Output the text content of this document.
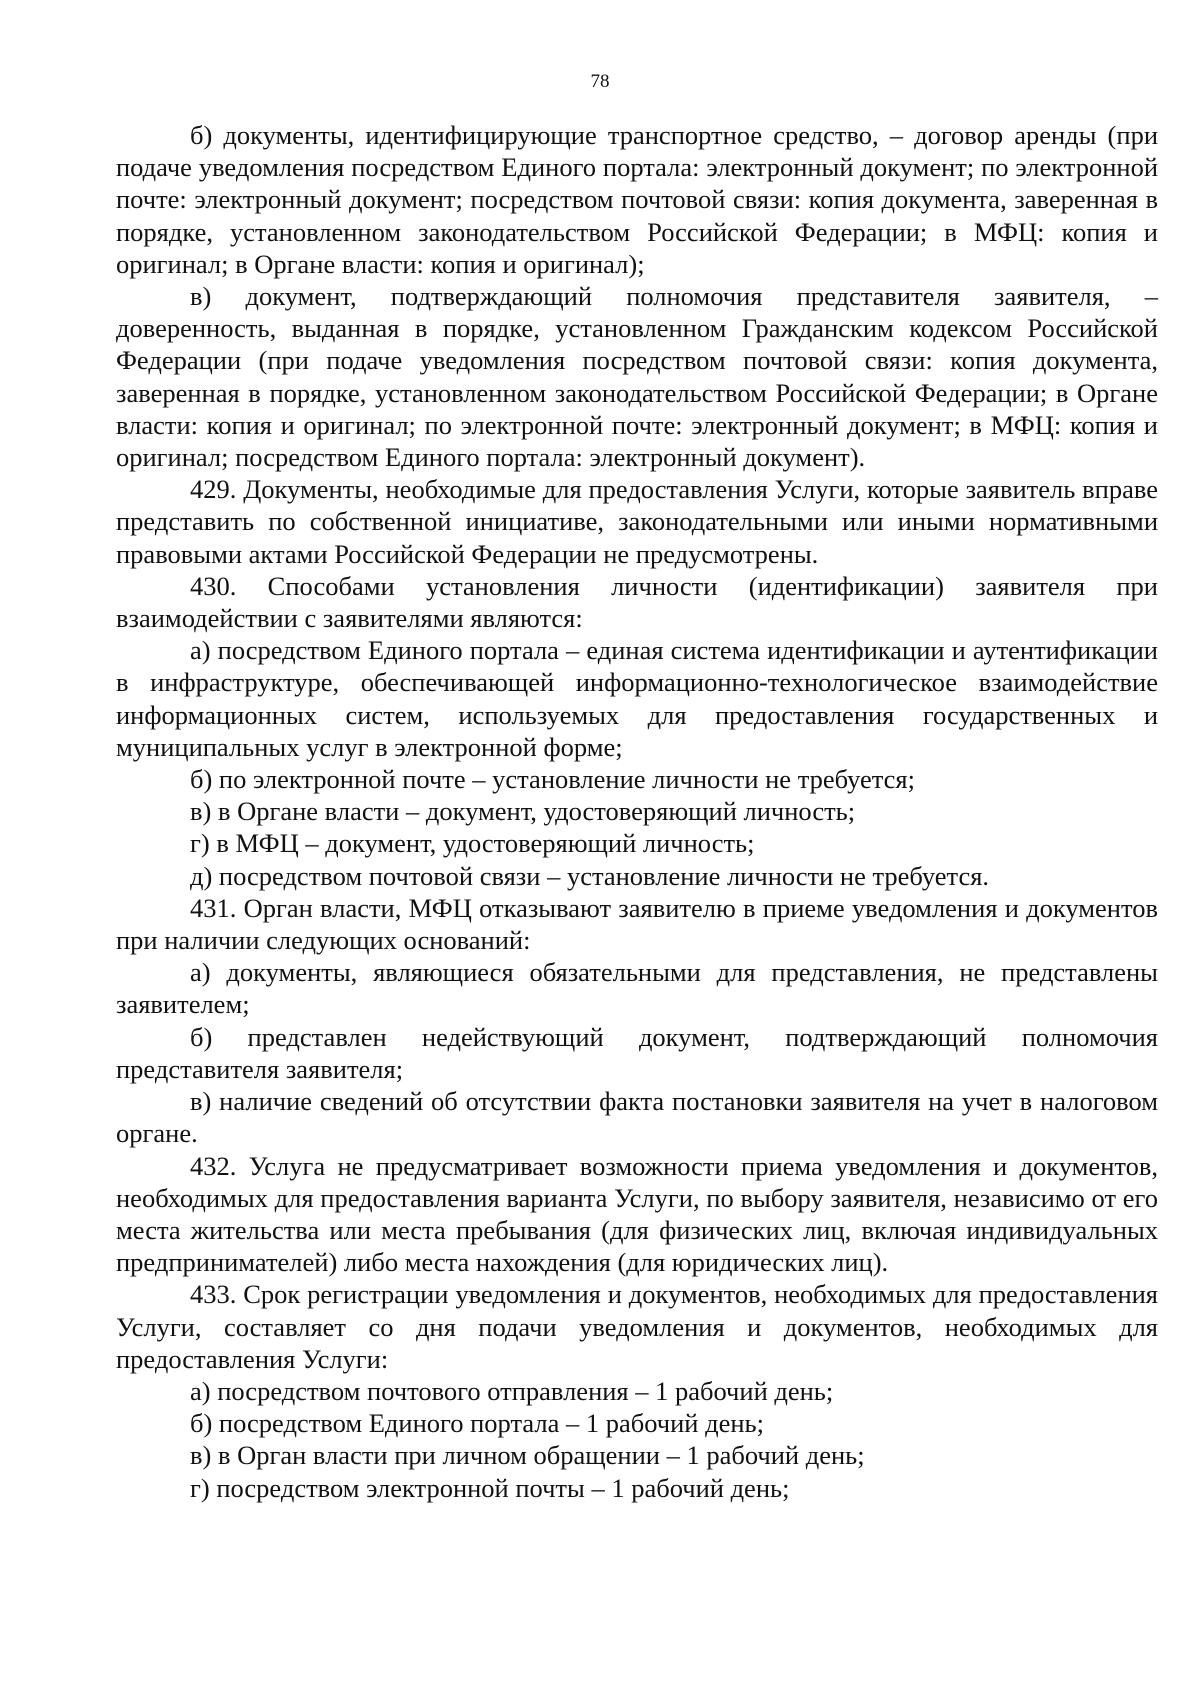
78

б) документы, идентифицирующие транспортное средство, – договор аренды (при подаче уведомления посредством Единого портала: электронный документ; по электронной почте: электронный документ; посредством почтовой связи: копия документа, заверенная в порядке, установленном законодательством Российской Федерации; в МФЦ: копия и оригинал; в Органе власти: копия и оригинал);

в) документ, подтверждающий полномочия представителя заявителя, – доверенность, выданная в порядке, установленном Гражданским кодексом Российской Федерации (при подаче уведомления посредством почтовой связи: копия документа, заверенная в порядке, установленном законодательством Российской Федерации; в Органе власти: копия и оригинал; по электронной почте: электронный документ; в МФЦ: копия и оригинал; посредством Единого портала: электронный документ).

429. Документы, необходимые для предоставления Услуги, которые заявитель вправе представить по собственной инициативе, законодательными или иными нормативными правовыми актами Российской Федерации не предусмотрены.

430. Способами установления личности (идентификации) заявителя при взаимодействии с заявителями являются:

а) посредством Единого портала – единая система идентификации и аутентификации в инфраструктуре, обеспечивающей информационно-технологическое взаимодействие информационных систем, используемых для предоставления государственных и муниципальных услуг в электронной форме;

б) по электронной почте – установление личности не требуется;

в) в Органе власти – документ, удостоверяющий личность;

г) в МФЦ – документ, удостоверяющий личность;

д) посредством почтовой связи – установление личности не требуется.

431. Орган власти, МФЦ отказывают заявителю в приеме уведомления и документов при наличии следующих оснований:

а) документы, являющиеся обязательными для представления, не представлены заявителем;

б) представлен недействующий документ, подтверждающий полномочия представителя заявителя;

в) наличие сведений об отсутствии факта постановки заявителя на учет в налоговом органе.

432. Услуга не предусматривает возможности приема уведомления и документов, необходимых для предоставления варианта Услуги, по выбору заявителя, независимо от его места жительства или места пребывания (для физических лиц, включая индивидуальных предпринимателей) либо места нахождения (для юридических лиц).

433. Срок регистрации уведомления и документов, необходимых для предоставления Услуги, составляет со дня подачи уведомления и документов, необходимых для предоставления Услуги:

а) посредством почтового отправления – 1 рабочий день;

б) посредством Единого портала – 1 рабочий день;

в) в Орган власти при личном обращении – 1 рабочий день;

г) посредством электронной почты – 1 рабочий день;
